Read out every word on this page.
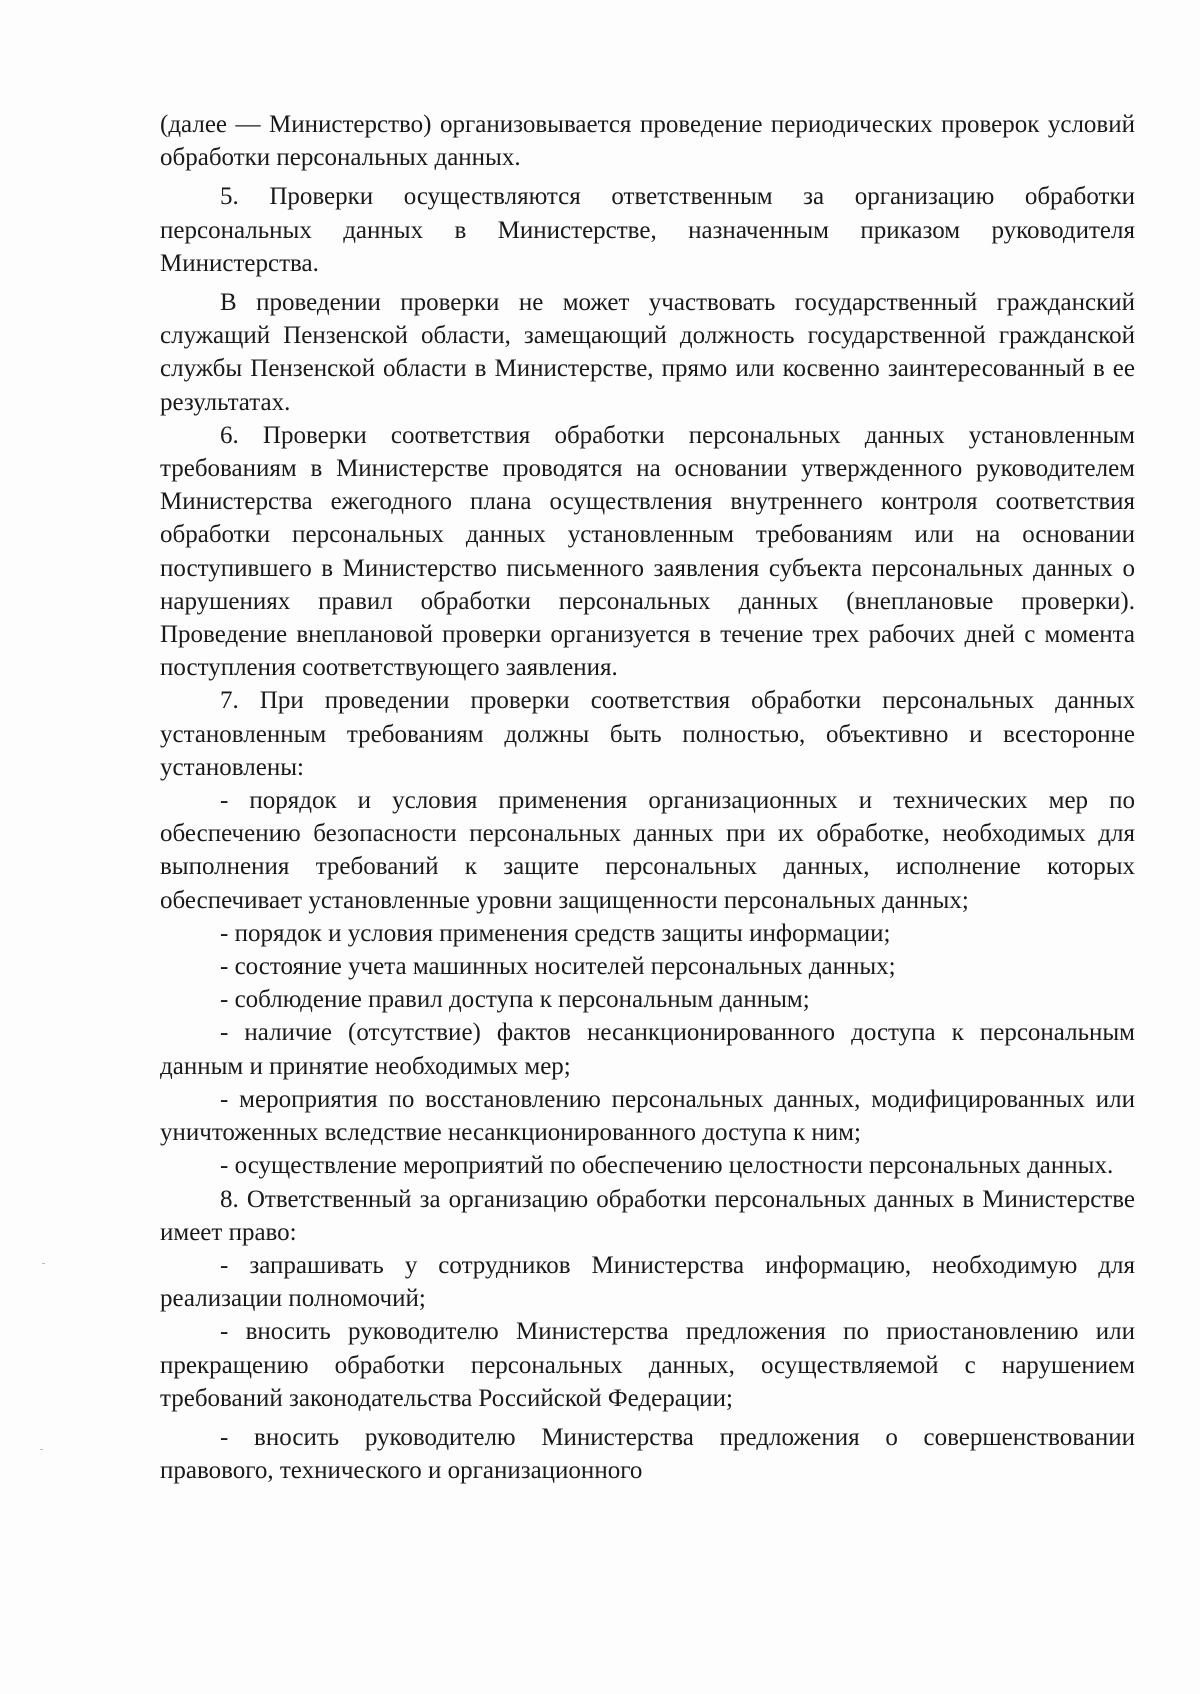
(далее — Министерство) организовывается проведение периодических проверок условий обработки персональных данных.

5. Проверки осуществляются ответственным за организацию обработки персональных данных в Министерстве, назначенным приказом руководителя Министерства.

В проведении проверки не может участвовать государственный гражданский служащий Пензенской области, замещающий должность государственной гражданской службы Пензенской области в Министерстве, прямо или косвенно заинтересованный в ее результатах.

6. Проверки соответствия обработки персональных данных установленным требованиям в Министерстве проводятся на основании утвержденного руководителем Министерства ежегодного плана осуществления внутреннего контроля соответствия обработки персональных данных установленным требованиям или на основании поступившего в Министерство письменного заявления субъекта персональных данных о нарушениях правил обработки персональных данных (внеплановые проверки). Проведение внеплановой проверки организуется в течение трех рабочих дней с момента поступления соответствующего заявления.

7. При проведении проверки соответствия обработки персональных данных установленным требованиям должны быть полностью, объективно и всесторонне установлены:

- порядок и условия применения организационных и технических мер по обеспечению безопасности персональных данных при их обработке, необходимых для выполнения требований к защите персональных данных, исполнение которых обеспечивает установленные уровни защищенности персональных данных;

- порядок и условия применения средств защиты информации;

- состояние учета машинных носителей персональных данных;

- соблюдение правил доступа к персональным данным;

- наличие (отсутствие) фактов несанкционированного доступа к персональным данным и принятие необходимых мер;

- мероприятия по восстановлению персональных данных, модифицированных или уничтоженных вследствие несанкционированного доступа к ним;

- осуществление мероприятий по обеспечению целостности персональных данных.

8. Ответственный за организацию обработки персональных данных в Министерстве имеет право:

- запрашивать у сотрудников Министерства информацию, необходимую для реализации полномочий;

- вносить руководителю Министерства предложения по приостановлению или прекращению обработки персональных данных, осуществляемой с нарушением требований законодательства Российской Федерации;

- вносить руководителю Министерства предложения о совершенствовании правового, технического и организационного
